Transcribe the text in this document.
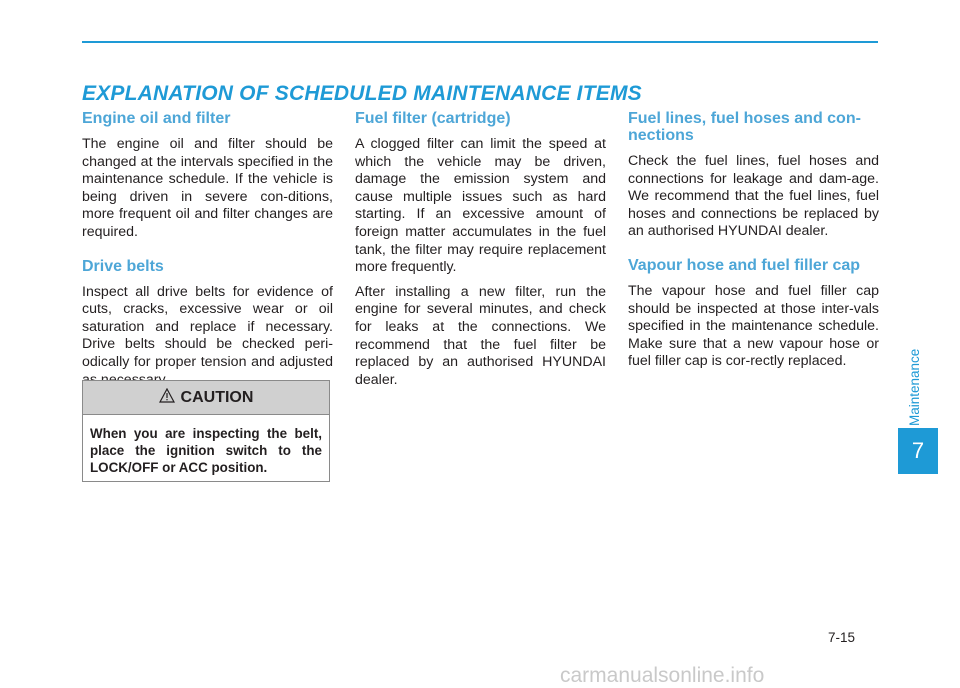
EXPLANATION OF SCHEDULED MAINTENANCE ITEMS
Engine oil and filter

The engine oil and filter should be changed at the intervals specified in the maintenance schedule. If the vehicle is being driven in severe con-ditions, more frequent oil and filter changes are required.

Drive belts

Inspect all drive belts for evidence of cuts, cracks, excessive wear or oil saturation and replace if necessary. Drive belts should be checked peri-odically for proper tension and adjusted

CAUTION
When you are inspecting the belt, place the ignition switch to the LOCK/OFF or ACC position.
Fuel filter (cartridge)

A clogged filter can limit the speed at which the vehicle may be driven, damage the emission system and cause multiple issues such as hard starting. If an excessive amount of foreign matter accumulates in the fuel tank, the filter may require replacement more frequently.

After installing a new filter, run the engine for several minutes, and check for leaks at the connections. We recommend that the fuel filter be replaced by an authorised HYUNDAI dealer.

Fuel lines, fuel hoses and con-nections

Check the fuel lines, fuel hoses and connections for leakage and dam-age. We recommend that the fuel lines, fuel hoses and connections be replaced by an authorised HYUNDAI dealer.

Vapour hose and fuel filler cap

The vapour hose and fuel filler cap should be inspected at those inter-vals specified in the maintenance schedule. Make sure that a new vapour hose or fuel filler cap is cor-rectly replaced.	Maintenance
7
7-15
carmanualsonline.info
